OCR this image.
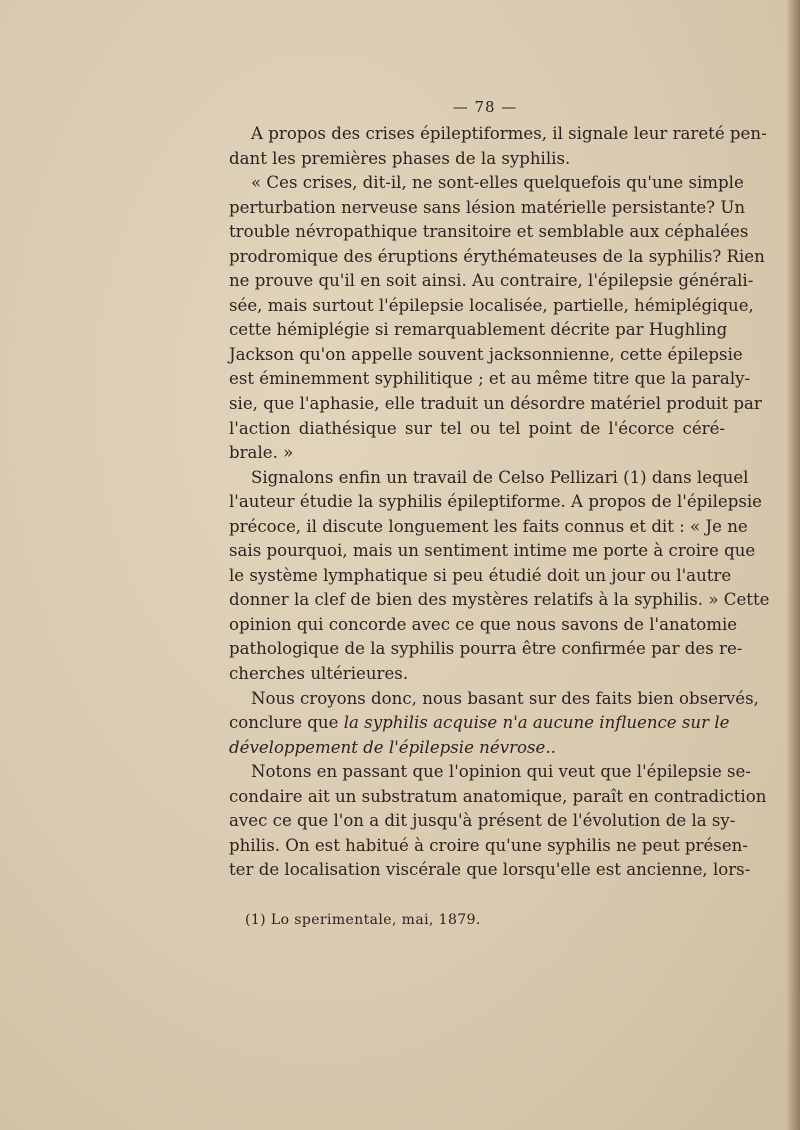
— 78 —
A propos des crises épileptiformes, il signale leur rareté pen-
dant les premières phases de la syphilis.
« Ces crises, dit-il, ne sont-elles quelquefois qu'une simple
perturbation nerveuse sans lésion matérielle persistante? Un
trouble névropathique transitoire et semblable aux céphalées
prodromique des éruptions érythémateuses de la syphilis? Rien
ne prouve qu'il en soit ainsi. Au contraire, l'épilepsie générali-
sée, mais surtout l'épilepsie localisée, partielle, hémiplégique,
cette hémiplégie si remarquablement décrite par Hughling
Jackson qu'on appelle souvent jacksonnienne, cette épilepsie
est éminemment syphilitique ; et au même titre que la paraly-
sie, que l'aphasie, elle traduit un désordre matériel produit par
l'action diathésique sur tel ou tel point de l'écorce céré-
brale. »
Signalons enfin un travail de Celso Pellizari (1) dans lequel
l'auteur étudie la syphilis épileptiforme. A propos de l'épilepsie
précoce, il discute longuement les faits connus et dit : « Je ne
sais pourquoi, mais un sentiment intime me porte à croire que
le système lymphatique si peu étudié doit un jour ou l'autre
donner la clef de bien des mystères relatifs à la syphilis. » Cette
opinion qui concorde avec ce que nous savons de l'anatomie
pathologique de la syphilis pourra être confirmée par des re-
cherches ultérieures.
Nous croyons donc, nous basant sur des faits bien observés,
conclure que la syphilis acquise n'a aucune influence sur le
développement de l'épilepsie névrose..
Notons en passant que l'opinion qui veut que l'épilepsie se-
condaire ait un substratum anatomique, paraît en contradiction
avec ce que l'on a dit jusqu'à présent de l'évolution de la sy-
philis. On est habitué à croire qu'une syphilis ne peut présen-
ter de localisation viscérale que lorsqu'elle est ancienne, lors-
(1) Lo sperimentale, mai, 1879.
